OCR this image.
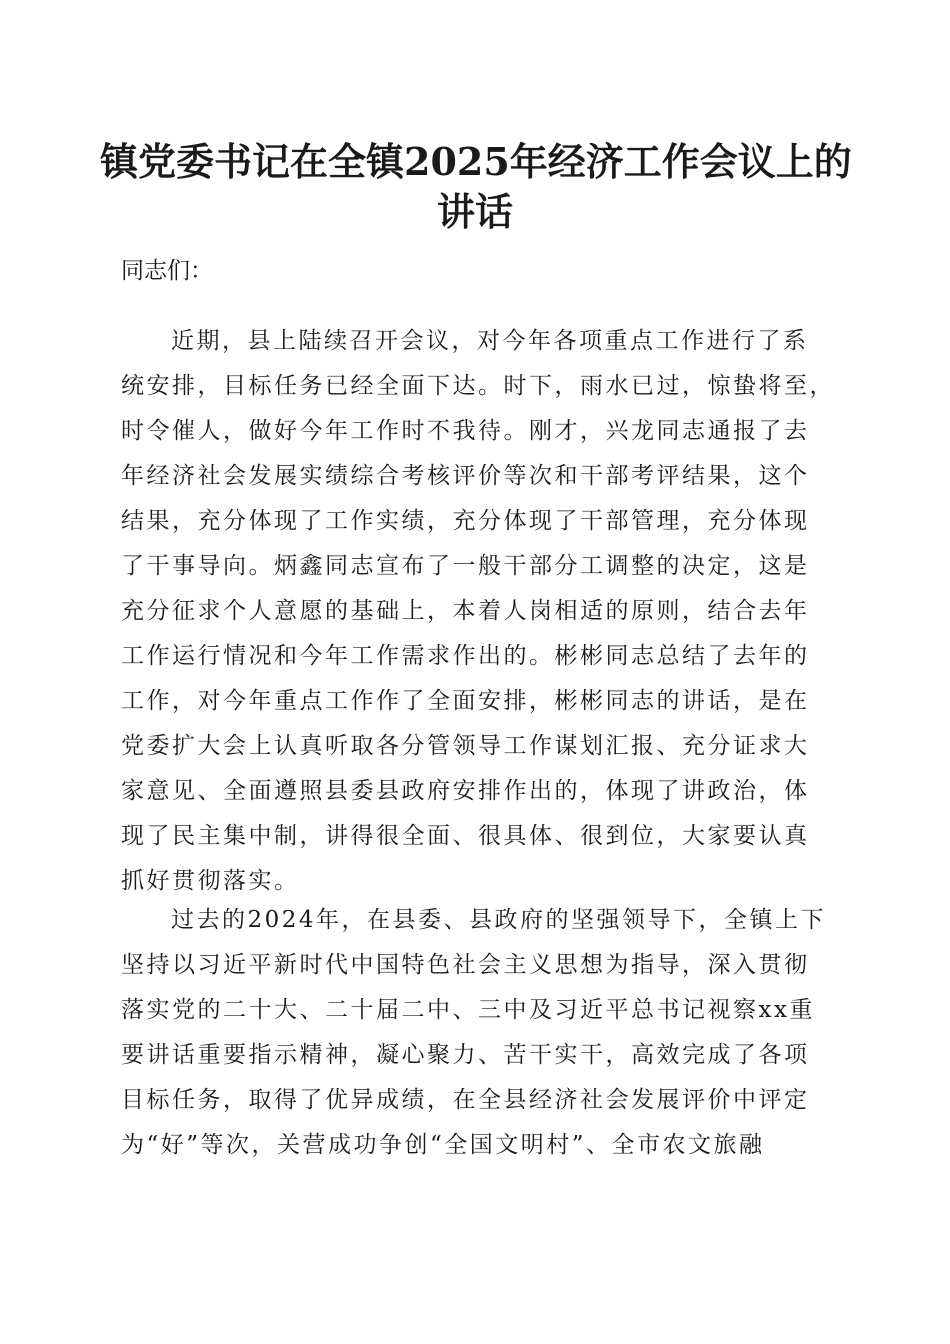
镇党委书记在全镇2025年经济工作会议上的
讲话
同志们：
近期，县上陆续召开会议，对今年各项重点工作进行了系
统安排，目标任务已经全面下达。时下，雨水已过，惊蛰将至，
时令催人，做好今年工作时不我待。刚才，兴龙同志通报了去
年经济社会发展实绩综合考核评价等次和干部考评结果，这个
结果，充分体现了工作实绩，充分体现了干部管理，充分体现
了干事导向。炳鑫同志宣布了一般干部分工调整的决定，这是
充分征求个人意愿的基础上，本着人岗相适的原则，结合去年
工作运行情况和今年工作需求作出的。彬彬同志总结了去年的
工作，对今年重点工作作了全面安排，彬彬同志的讲话，是在
党委扩大会上认真听取各分管领导工作谋划汇报、充分证求大
家意见、全面遵照县委县政府安排作出的，体现了讲政治，体
现了民主集中制，讲得很全面、很具体、很到位，大家要认真
抓好贯彻落实。
过去的2024年，在县委、县政府的坚强领导下，全镇上下
坚持以习近平新时代中国特色社会主义思想为指导，深入贯彻
落实党的二十大、二十届二中、三中及习近平总书记视察xx重
要讲话重要指示精神，凝心聚力、苦干实干，高效完成了各项
目标任务，取得了优异成绩，在全县经济社会发展评价中评定
为“好”等次，关营成功争创“全国文明村”、全市农文旅融
